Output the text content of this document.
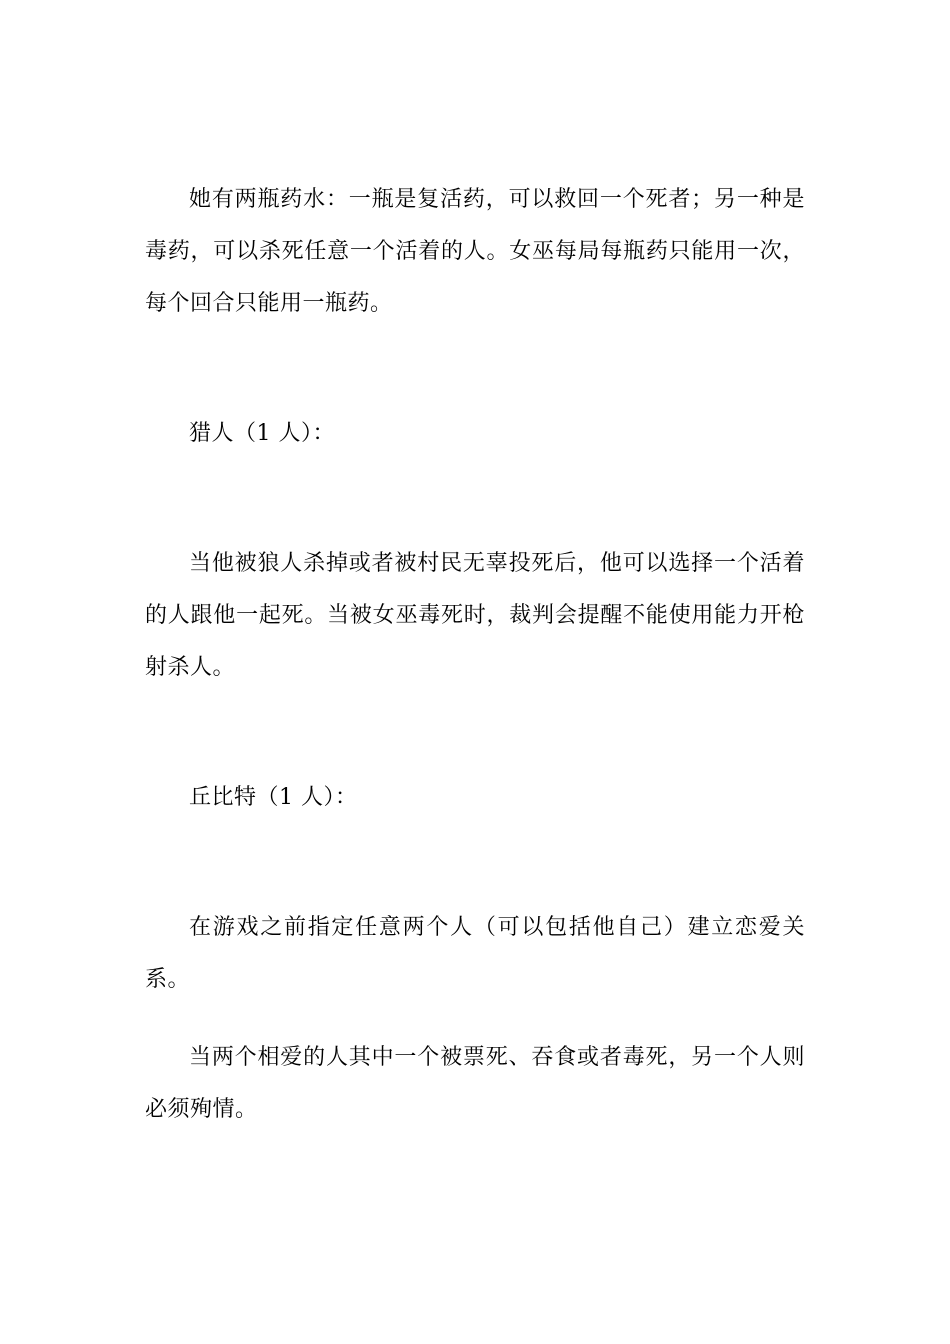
她有两瓶药水：一瓶是复活药，可以救回一个死者；另一种是毒药，可以杀死任意一个活着的人。女巫每局每瓶药只能用一次，每个回合只能用一瓶药。

猎人（1 人）：

当他被狼人杀掉或者被村民无辜投死后，他可以选择一个活着的人跟他一起死。当被女巫毒死时，裁判会提醒不能使用能力开枪射杀人。

丘比特（1 人）：

在游戏之前指定任意两个人（可以包括他自己）建立恋爱关系。

当两个相爱的人其中一个被票死、吞食或者毒死，另一个人则必须殉情。
